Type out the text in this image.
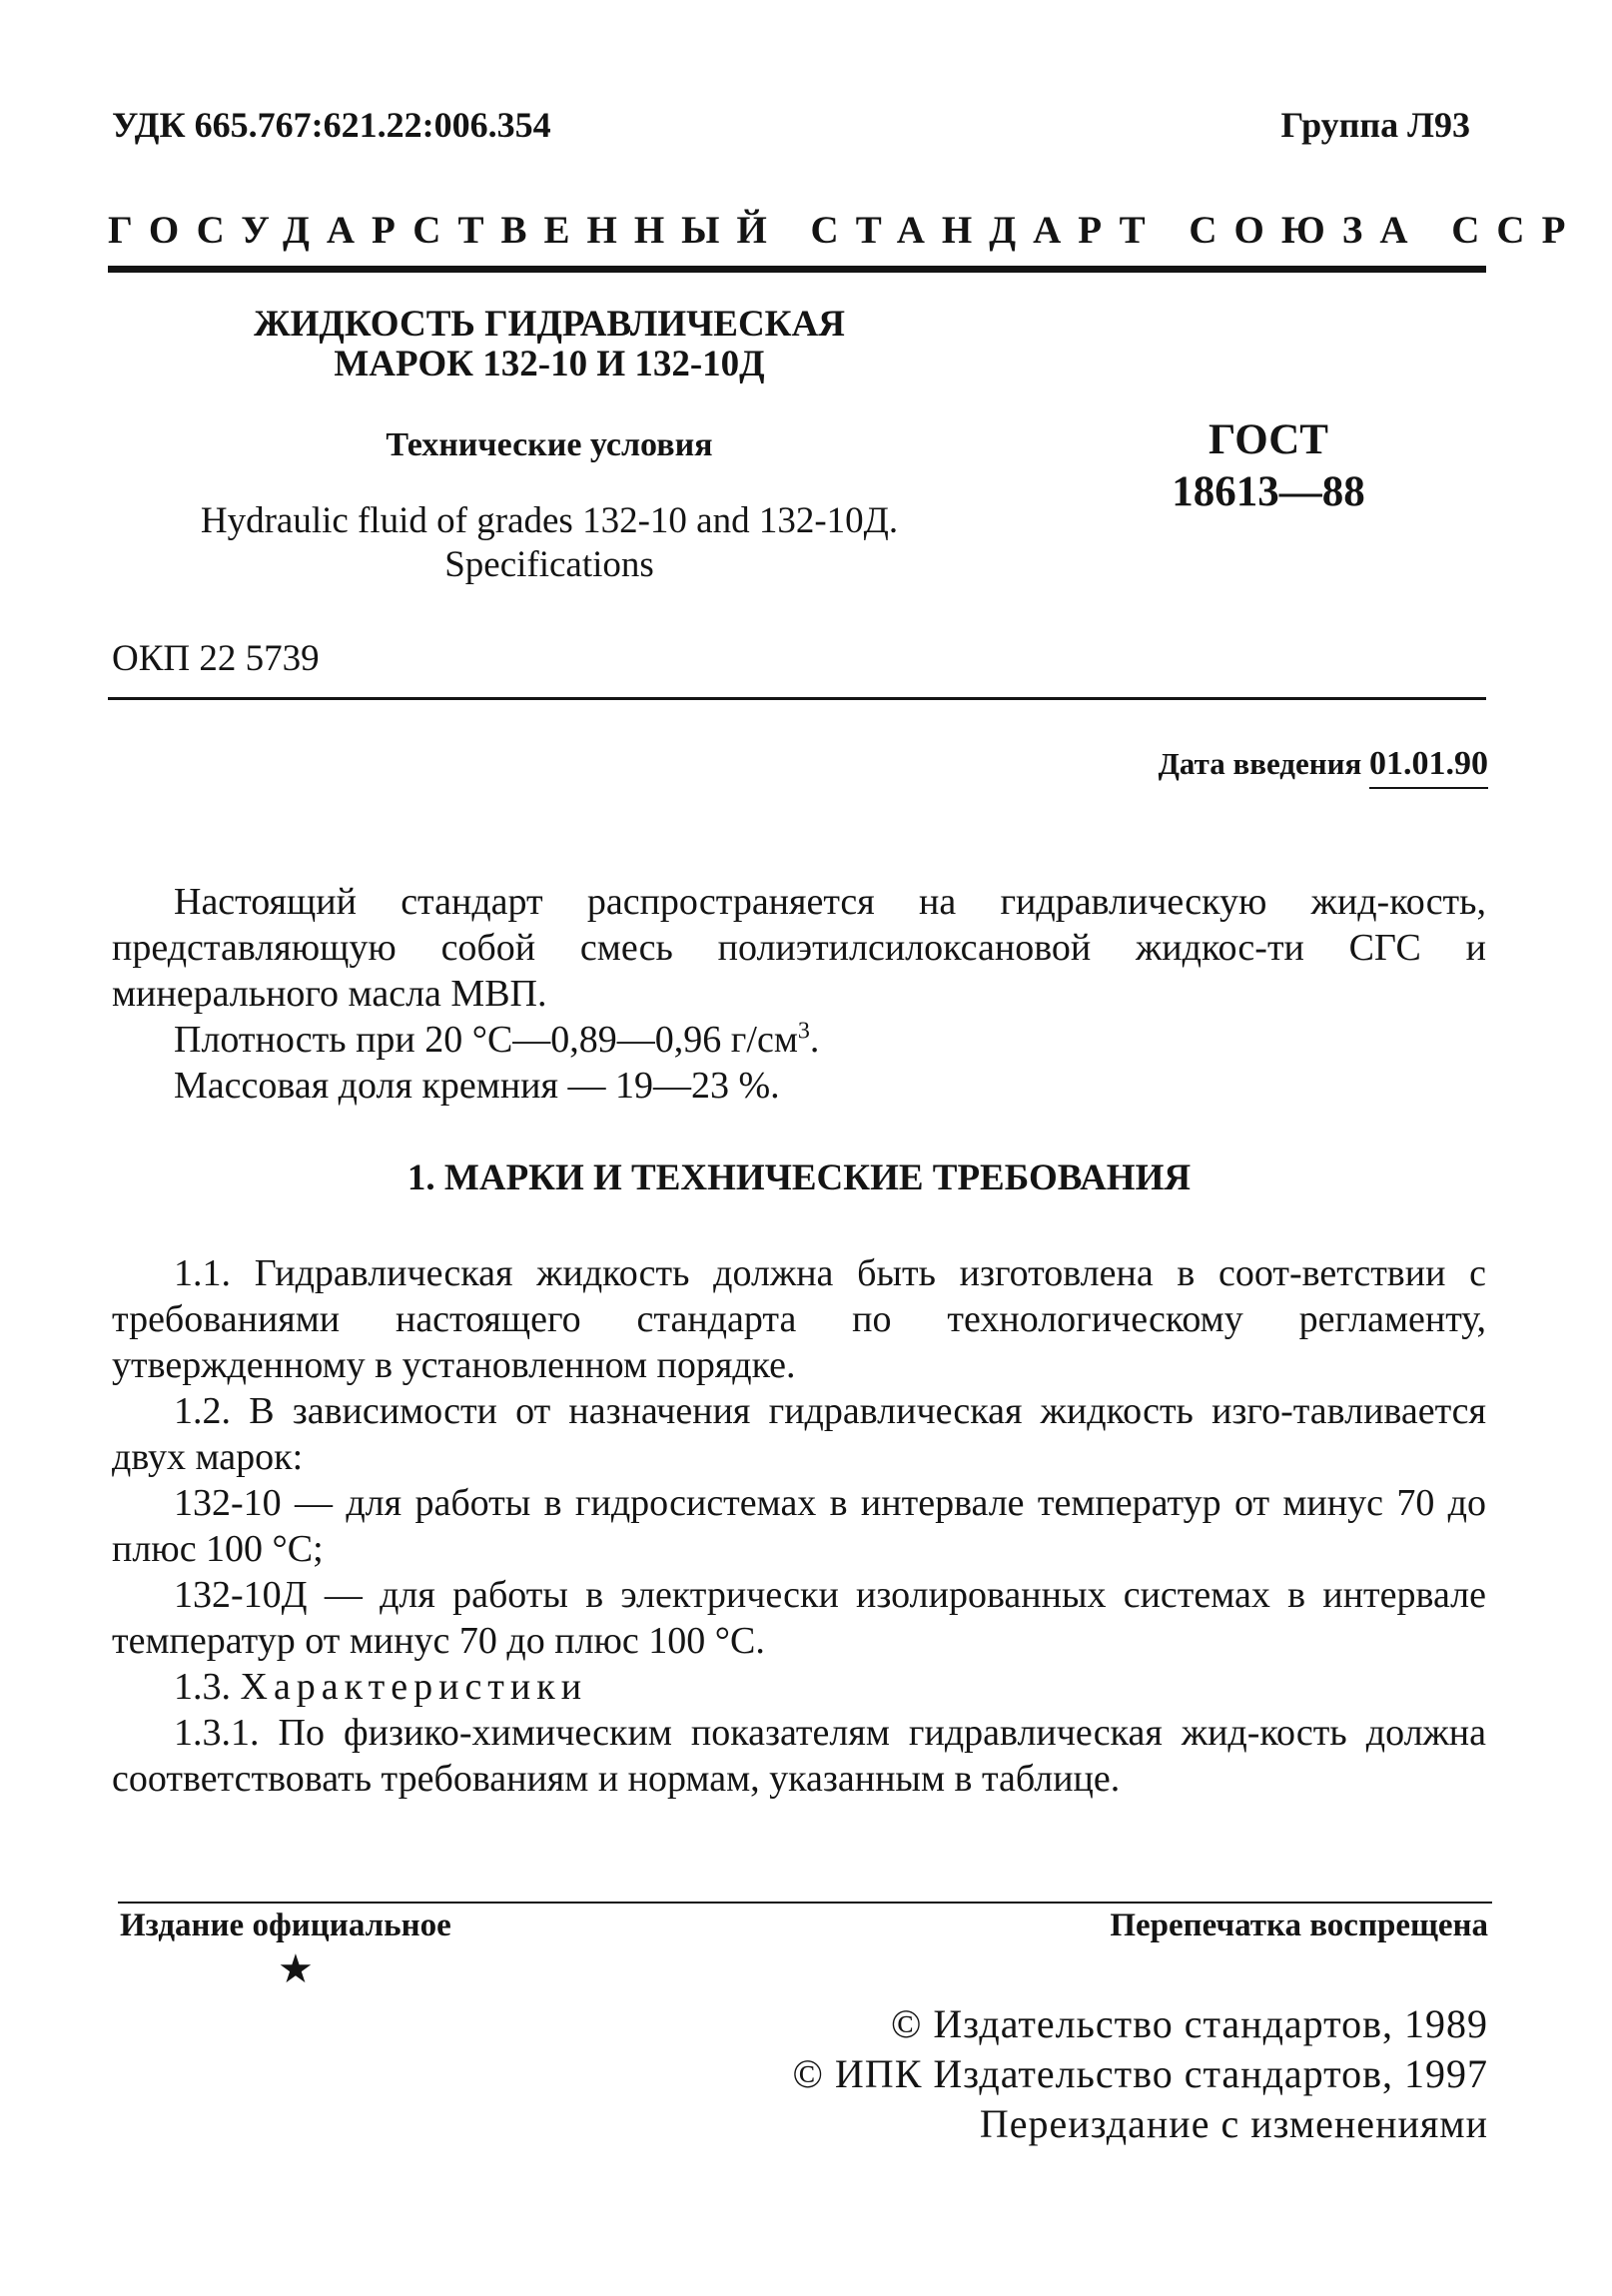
УДК 665.767:621.22:006.354	Группа Л93
ГОСУДАРСТВЕННЫЙ СТАНДАРТ СОЮЗА ССР
ЖИДКОСТЬ ГИДРАВЛИЧЕСКАЯ
МАРОК 132-10 И 132-10Д
Технические условия
Hydraulic fluid of grades 132-10 and 132-10Д.
Specifications
ГОСТ
18613—88
ОКП 22 5739
Дата введения 01.01.90

Настоящий стандарт распространяется на гидравлическую жид-кость, представляющую собой смесь полиэтилсилоксановой жидкос-ти СГС и минерального масла МВП.

Плотность при 20 °С—0,89—0,96 $г/см^3$.

Массовая доля кремния — 19—23 %.

1. МАРКИ И ТЕХНИЧЕСКИЕ ТРЕБОВАНИЯ

1.1. Гидравлическая жидкость должна быть изготовлена в соот-ветствии с требованиями настоящего стандарта по технологическому регламенту, утвержденному в установленном порядке.

1.2. В зависимости от назначения гидравлическая жидкость изго-тавливается двух марок:

132-10 — для работы в гидросистемах в интервале температур от минус 70 до плюс 100 °С;

132-10Д — для работы в электрически изолированных системах в интервале температур от минус 70 до плюс 100 °С.

1.3. Характеристики

1.3.1. По физико-химическим показателям гидравлическая жид-кость должна соответствовать требованиям и нормам, указанным в таблице.

Издание официальное
★
Перепечатка воспрещена
© Издательство стандартов, 1989
© ИПК Издательство стандартов, 1997
Переиздание с изменениями
